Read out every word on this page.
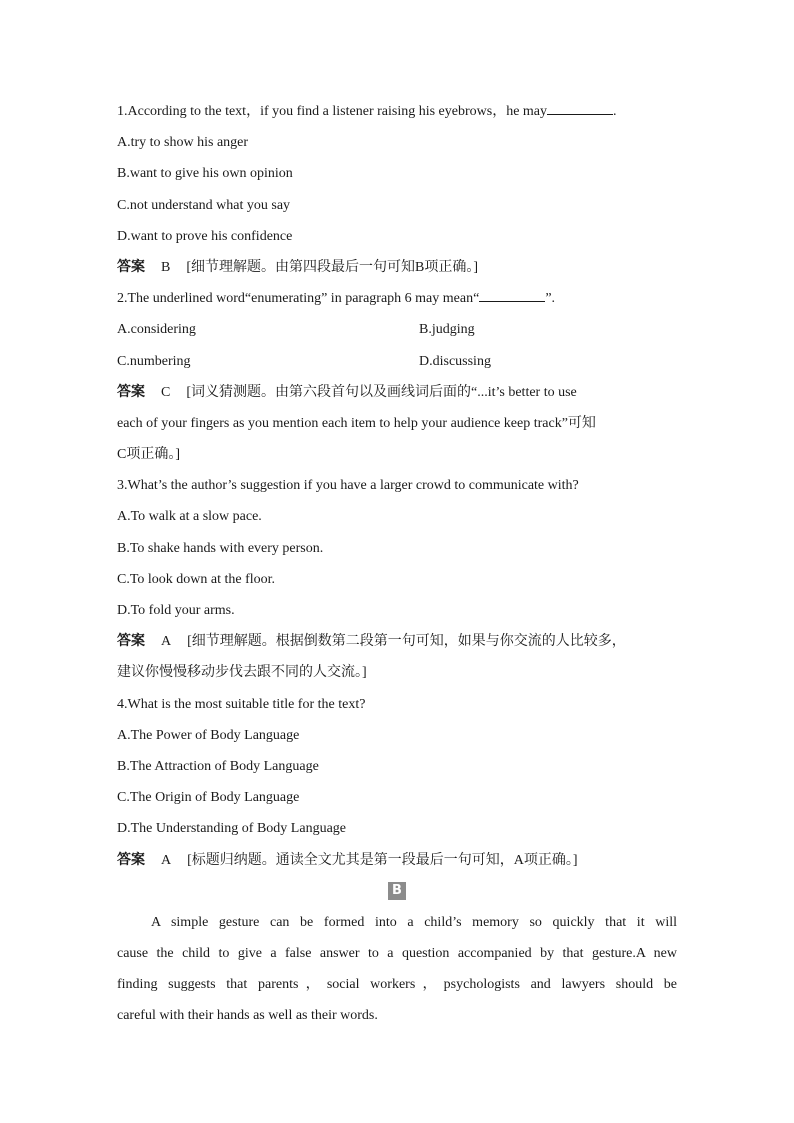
1.According to the text，if you find a listener raising his eyebrows，he may	.
A.try to show his anger
B.want to give his own opinion
C.not understand what you say
D.want to prove his confidence
答案 B [细节理解题。由第四段最后一句可知B项正确。]
2.The underlined word“enumerating” in paragraph 6 may mean“	”.
A.considering	B.judging
C.numbering	D.discussing
答案 C [词义猜测题。由第六段首句以及画线词后面的“...it’s better to use
each of your fingers as you mention each item to help your audience keep track”可知
C项正确。]
3.What’s the author’s suggestion if you have a larger crowd to communicate with?
A.To walk at a slow pace.
B.To shake hands with every person.
C.To look down at the floor.
D.To fold your arms.
答案 A [细节理解题。根据倒数第二段第一句可知，如果与你交流的人比较多，
建议你慢慢移动步伐去跟不同的人交流。]
4.What is the most suitable title for the text?
A.The Power of Body Language
B.The Attraction of Body Language
C.The Origin of Body Language
D.The Understanding of Body Language
答案 A [标题归纳题。通读全文尤其是第一段最后一句可知，A项正确。]
B
A simple gesture can be formed into a child’s memory so quickly that it will
cause the child to give a false answer to a question accompanied by that gesture.A new
finding suggests that parents，social workers，psychologists and lawyers should be
careful with their hands as well as their words.
